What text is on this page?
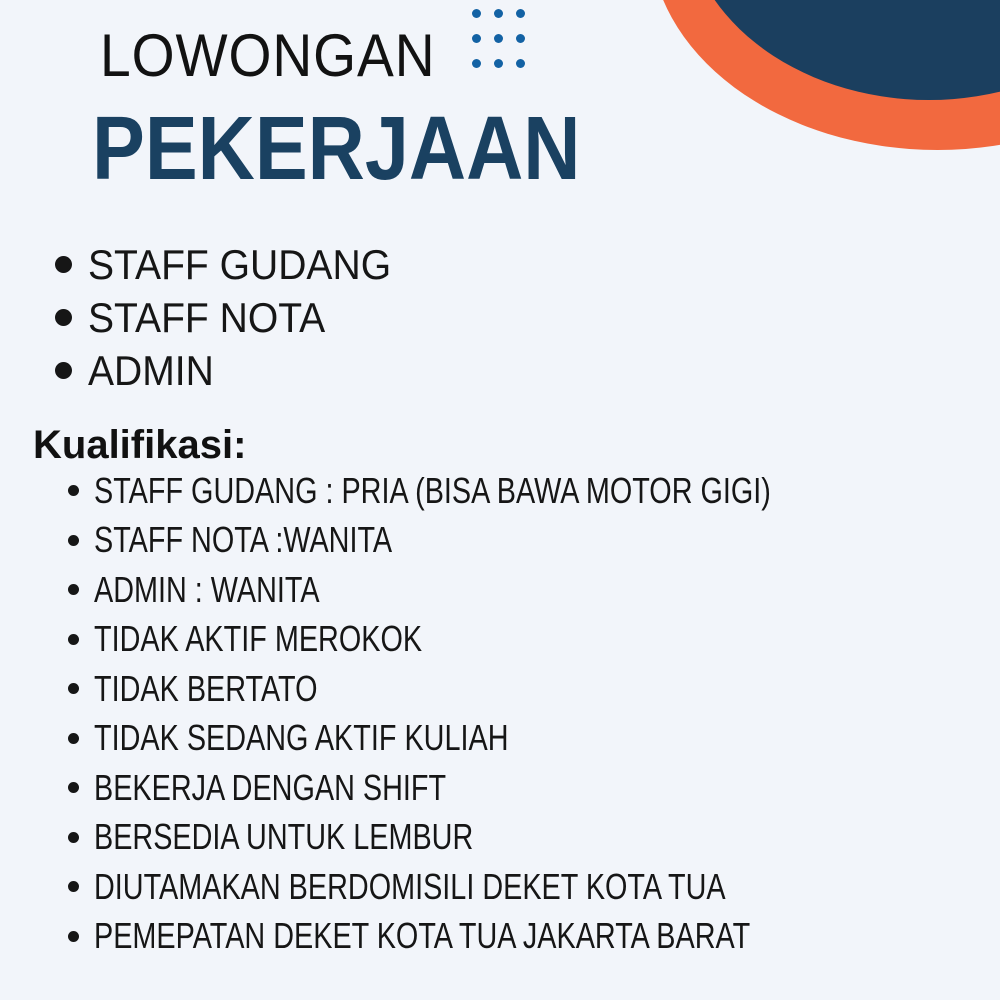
LOWONGAN
PEKERJAAN
STAFF GUDANG
STAFF NOTA
ADMIN
Kualifikasi:
STAFF GUDANG : PRIA (BISA BAWA MOTOR GIGI)
STAFF NOTA :WANITA
ADMIN : WANITA
TIDAK AKTIF MEROKOK
TIDAK BERTATO
TIDAK SEDANG AKTIF KULIAH
BEKERJA DENGAN SHIFT
BERSEDIA UNTUK LEMBUR
DIUTAMAKAN BERDOMISILI DEKET KOTA TUA
PEMEPATAN DEKET KOTA TUA JAKARTA BARAT
